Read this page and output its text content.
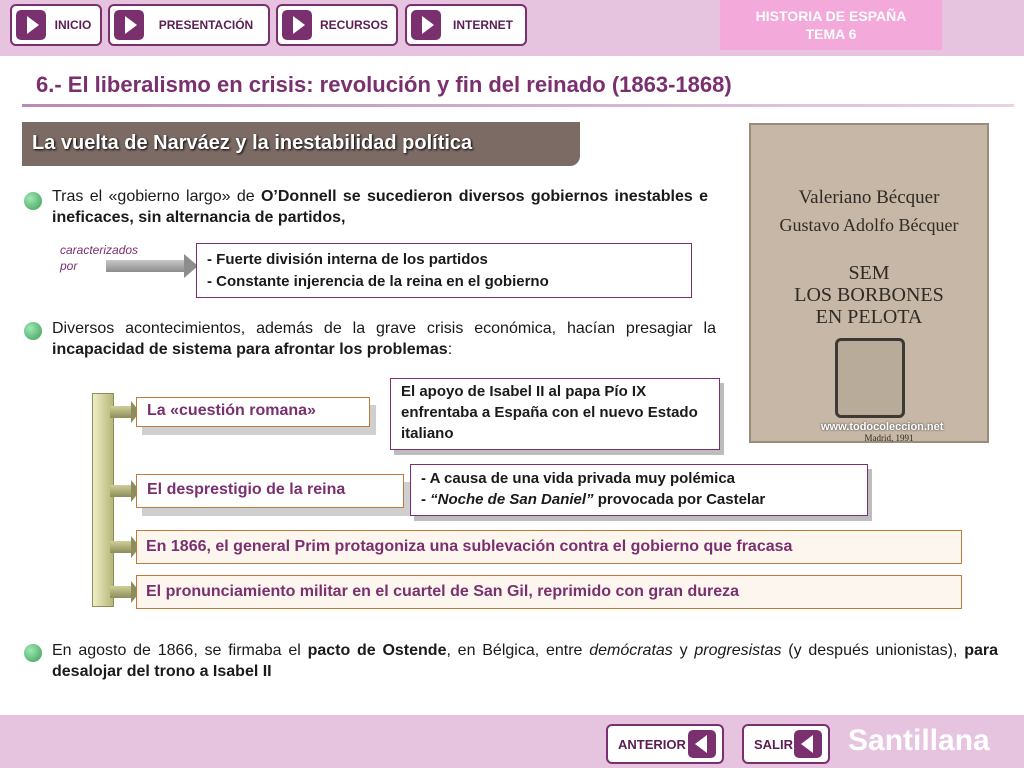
INICIO	PRESENTACIÓN	RECURSOS	INTERNET
HISTORIA DE ESPAÑA
TEMA 6
6.- El liberalismo en crisis: revolución y fin del reinado (1863-1868)
La vuelta de Narváez y la inestabilidad política
Tras el «gobierno largo» de O’Donnell se sucedieron diversos gobiernos inestables e ineficaces, sin alternancia de partidos,
caracterizados
por	- Fuerte división interna de los partidos
- Constante injerencia de la reina en el gobierno
Diversos acontecimientos, además de la grave crisis económica, hacían presagiar la incapacidad de sistema para afrontar los problemas:
Valeriano Bécquer
Gustavo Adolfo Bécquer
SEM
LOS BORBONES
EN PELOTA
www.todocoleccion.net
Madrid, 1991
La «cuestión romana»
El apoyo de Isabel II al papa Pío IX enfrentaba a España con el nuevo Estado italiano
El desprestigio de la reina
- A causa de una vida privada muy polémica
- “Noche de San Daniel” provocada por Castelar
En 1866, el general Prim protagoniza una sublevación contra el gobierno que fracasa
El pronunciamiento militar en el cuartel de San Gil, reprimido con gran dureza
En agosto de 1866, se firmaba el pacto de Ostende, en Bélgica, entre demócratas y progresistas (y después unionistas), para desalojar del trono a Isabel II
ANTERIOR	SALIR Santillana
